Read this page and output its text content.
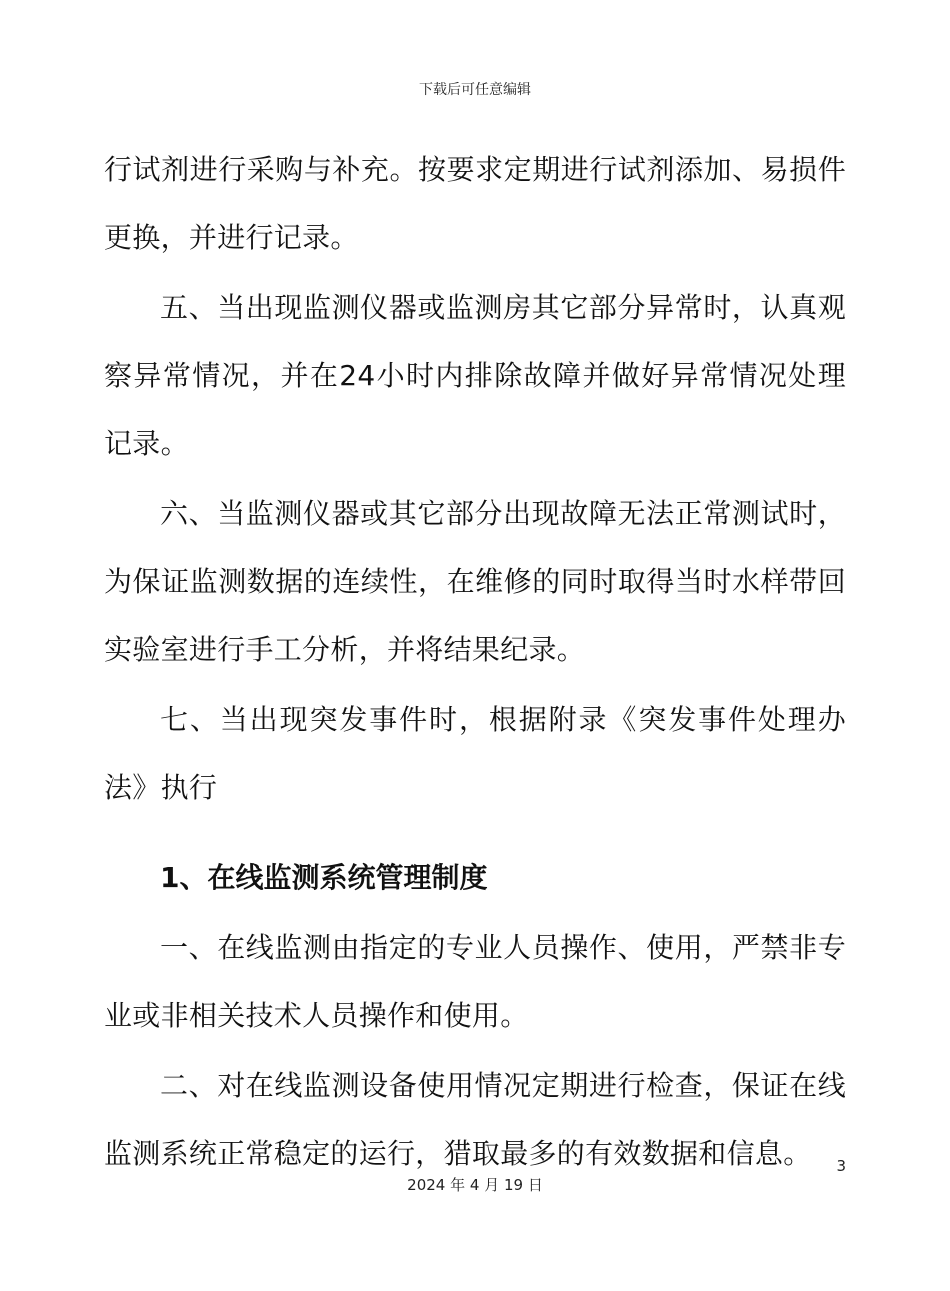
下载后可任意编辑

行试剂进行采购与补充。按要求定期进行试剂添加、易损件更换，并进行记录。

五、当出现监测仪器或监测房其它部分异常时，认真观察异常情况，并在24小时内排除故障并做好异常情况处理记录。

六、当监测仪器或其它部分出现故障无法正常测试时，为保证监测数据的连续性，在维修的同时取得当时水样带回实验室进行手工分析，并将结果纪录。

七、当出现突发事件时，根据附录《突发事件处理办法》执行

1、在线监测系统管理制度

一、在线监测由指定的专业人员操作、使用，严禁非专业或非相关技术人员操作和使用。

二、对在线监测设备使用情况定期进行检查，保证在线监测系统正常稳定的运行，猎取最多的有效数据和信息。	3
2024 年 4 月 19 日
